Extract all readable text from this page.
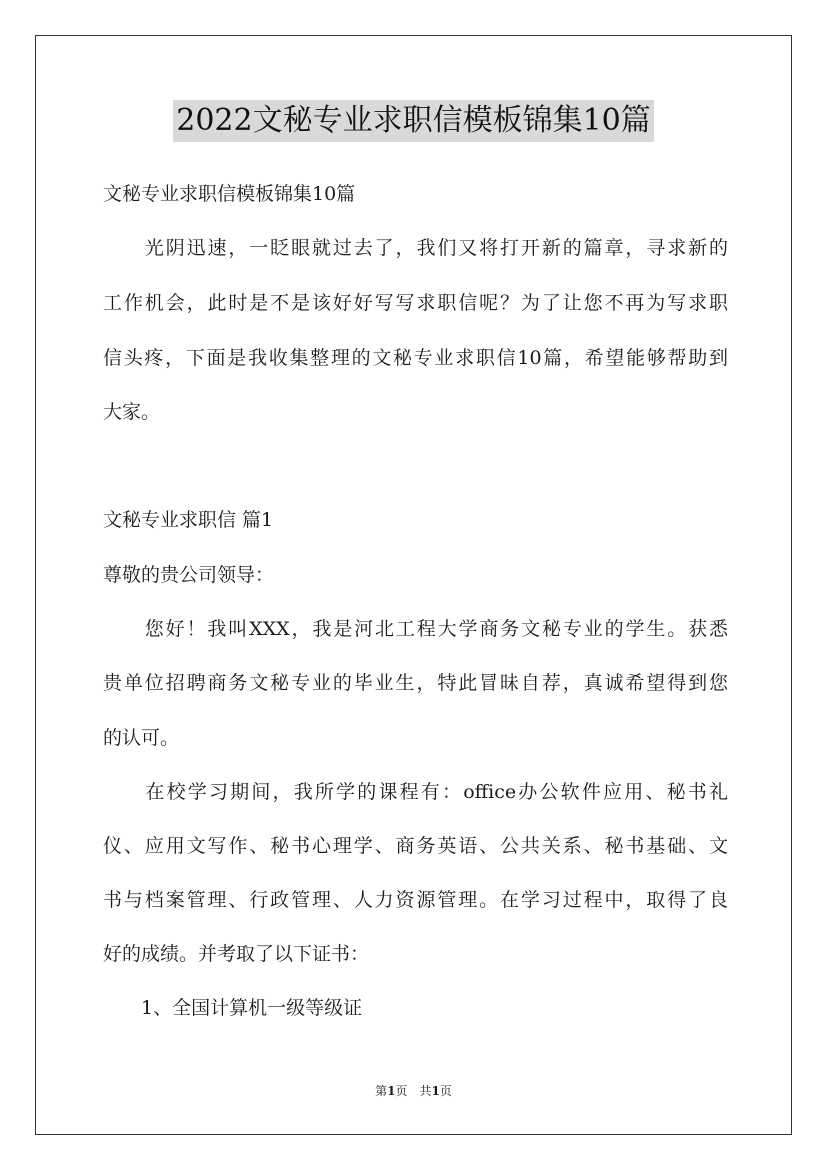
2022文秘专业求职信模板锦集10篇
文秘专业求职信模板锦集10篇
　　光阴迅速，一眨眼就过去了，我们又将打开新的篇章，寻求新的
工作机会，此时是不是该好好写写求职信呢？为了让您不再为写求职
信头疼，下面是我收集整理的文秘专业求职信10篇，希望能够帮助到
大家。
文秘专业求职信 篇1
尊敬的贵公司领导：
　　您好！我叫XXX，我是河北工程大学商务文秘专业的学生。获悉
贵单位招聘商务文秘专业的毕业生，特此冒昧自荐，真诚希望得到您
的认可。
　　在校学习期间，我所学的课程有：office办公软件应用、秘书礼
仪、应用文写作、秘书心理学、商务英语、公共关系、秘书基础、文
书与档案管理、行政管理、人力资源管理。在学习过程中，取得了良
好的成绩。并考取了以下证书：
　　1、全国计算机一级等级证
第1页　共1页
